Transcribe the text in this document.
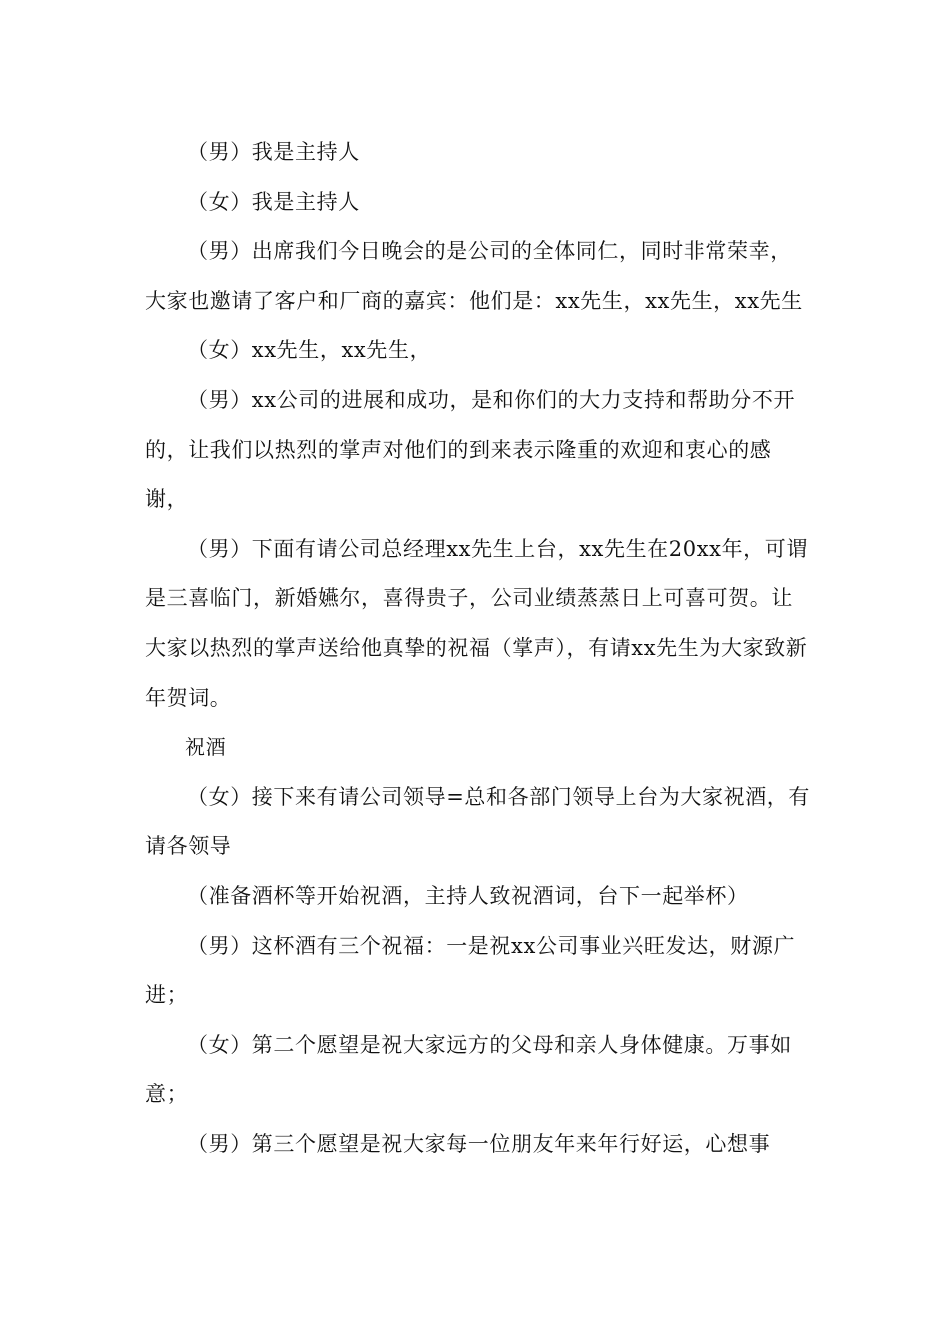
（男）我是主持人

（女）我是主持人

（男）出席我们今日晚会的是公司的全体同仁，同时非常荣幸，大家也邀请了客户和厂商的嘉宾：他们是：xx先生，xx先生，xx先生

（女）xx先生，xx先生，

（男）xx公司的进展和成功，是和你们的大力支持和帮助分不开的，让我们以热烈的掌声对他们的到来表示隆重的欢迎和衷心的感谢，

（男）下面有请公司总经理xx先生上台，xx先生在20xx年，可谓是三喜临门，新婚嬿尔，喜得贵子，公司业绩蒸蒸日上可喜可贺。让大家以热烈的掌声送给他真挚的祝福（掌声），有请xx先生为大家致新年贺词。

祝酒

（女）接下来有请公司领导=总和各部门领导上台为大家祝酒，有请各领导

（准备酒杯等开始祝酒，主持人致祝酒词，台下一起举杯）

（男）这杯酒有三个祝福：一是祝xx公司事业兴旺发达，财源广进；

（女）第二个愿望是祝大家远方的父母和亲人身体健康。万事如意；

（男）第三个愿望是祝大家每一位朋友年来年行好运，心想事
